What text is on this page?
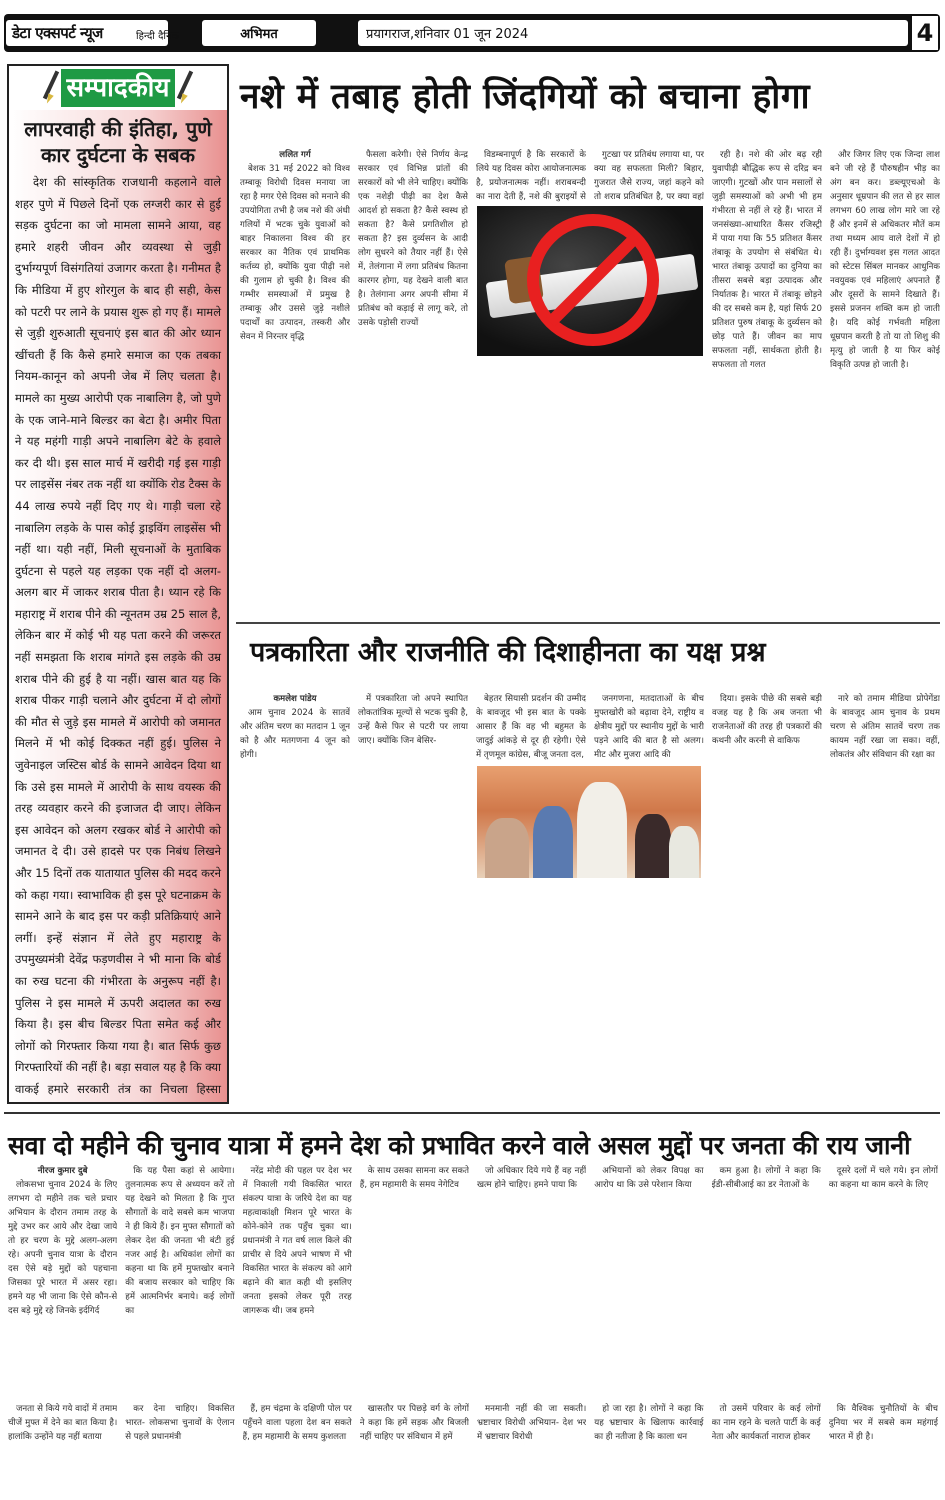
डेटा एक्सपर्ट न्यूज	हिन्दी दैनिक	अभिमत	प्रयागराज,शनिवार 01 जून 2024	4
सम्पादकीय
लापरवाही की इंतिहा, पुणे कार दुर्घटना के सबक
देश की सांस्कृतिक राजधानी कहलाने वाले शहर पुणे में पिछले दिनों एक लग्जरी कार से हुई सड़क दुर्घटना का जो मामला सामने आया, वह हमारे शहरी जीवन और व्यवस्था से जुड़ी दुर्भाग्यपूर्ण विसंगतियां उजागर करता है। गनीमत है कि मीडिया में हुए शोरगुल के बाद ही सही, केस को पटरी पर लाने के प्रयास शुरू हो गए हैं। मामले से जुड़ी शुरुआती सूचनाएं इस बात की ओर ध्यान खींचती हैं कि कैसे हमारे समाज का एक तबका नियम-कानून को अपनी जेब में लिए चलता है। मामले का मुख्य आरोपी एक नाबालिग है, जो पुणे के एक जाने-माने बिल्डर का बेटा है। अमीर पिता ने यह महंगी गाड़ी अपने नाबालिग बेटे के हवाले कर दी थी। इस साल मार्च में खरीदी गई इस गाड़ी पर लाइसेंस नंबर तक नहीं था क्योंकि रोड टैक्स के 44 लाख रुपये नहीं दिए गए थे। गाड़ी चला रहे नाबालिग लड़के के पास कोई ड्राइविंग लाइसेंस भी नहीं था। यही नहीं, मिली सूचनाओं के मुताबिक दुर्घटना से पहले यह लड़का एक नहीं दो अलग-अलग बार में जाकर शराब पीता है। ध्यान रहे कि महाराष्ट्र में शराब पीने की न्यूनतम उम्र 25 साल है, लेकिन बार में कोई भी यह पता करने की जरूरत नहीं समझता कि शराब मांगते इस लड़के की उम्र शराब पीने की हुई है या नहीं। खास बात यह कि शराब पीकर गाड़ी चलाने और दुर्घटना में दो लोगों की मौत से जुड़े इस मामले में आरोपी को जमानत मिलने में भी कोई दिक्कत नहीं हुई। पुलिस ने जुवेनाइल जस्टिस बोर्ड के सामने आवेदन दिया था कि उसे इस मामले में आरोपी के साथ वयस्क की तरह व्यवहार करने की इजाजत दी जाए। लेकिन इस आवेदन को अलग रखकर बोर्ड ने आरोपी को जमानत दे दी। उसे हादसे पर एक निबंध लिखने और 15 दिनों तक यातायात पुलिस की मदद करने को कहा गया। स्वाभाविक ही इस पूरे घटनाक्रम के सामने आने के बाद इस पर कड़ी प्रतिक्रियाएं आने लगीं। इन्हें संज्ञान में लेते हुए महाराष्ट्र के उपमुख्यमंत्री देवेंद्र फड़णवीस ने भी माना कि बोर्ड का रुख घटना की गंभीरता के अनुरूप नहीं है। पुलिस ने इस मामले में ऊपरी अदालत का रुख किया है। इस बीच बिल्डर पिता समेत कई और लोगों को गिरफ्तार किया गया है। बात सिर्फ कुछ गिरफ्तारियों की नहीं है। बड़ा सवाल यह है कि क्या वाकई हमारे सरकारी तंत्र का निचला हिस्सा
नशे में तबाह होती जिंदगियों को बचाना होगा

ललित गर्ग

बेशक 31 मई 2022 को विश्व तम्बाकू विरोधी दिवस मनाया जा रहा है मगर ऐसे दिवस को मनाने की उपयोगिता तभी है जब नशे की अंधी गलियों में भटक चुके युवाओं को बाहर निकालना विश्व की हर सरकार का नैतिक एवं प्राथमिक कर्तव्य हो, क्योंकि युवा पीढ़ी नशे की गुलाम हो चुकी है। विश्व की गम्भीर समस्याओं में प्रमुख है तम्बाकू और उससे जुड़े नशीले पदार्थों का उत्पादन, तस्करी और सेवन में निरन्तर वृद्धि

फैसला करेगी। ऐसे निर्णय केन्द्र सरकार एवं विभिन्न प्रांतों की सरकारों को भी लेने चाहिए। क्योंकि एक नशेड़ी पीढ़ी का देश कैसे आदर्श हो सकता है? कैसे स्वस्थ हो सकता है? कैसे प्रगतिशील हो सकता है? इस दुर्व्यसन के आदी लोग सुधरने को तैयार नहीं हैं। ऐसे में, तेलंगाना में लगा प्रतिबंध कितना कारगर होगा, यह देखने वाली बात है। तेलंगाना अगर अपनी सीमा में प्रतिबंध को कड़ाई से लागू करे, तो उसके पड़ोसी राज्यों

विडम्बनापूर्ण है कि सरकारों के लिये यह दिवस कोरा आयोजनात्मक है, प्रयोजनात्मक नहीं। शराबबन्दी का नारा देती हैं, नशे की बुराइयों से

गुटखा पर प्रतिबंध लगाया था, पर क्या वह सफलता मिली? बिहार, गुजरात जैसे राज्य, जहां कहने को तो शराब प्रतिबंधित है, पर क्या वहां

रही है। नशे की ओर बढ़ रही युवापीढ़ी बौद्धिक रूप से दरिद्र बन जाएगी। गुटखों और पान मसालों से जुड़ी समस्याओं को अभी भी हम गंभीरता से नहीं ले रहे हैं। भारत में जनसंख्या-आधारित कैंसर रजिस्ट्री में पाया गया कि 55 प्रतिशत कैंसर तंबाकू के उपयोग से संबंधित थे। भारत तंबाकू उत्पादों का दुनिया का तीसरा सबसे बड़ा उत्पादक और निर्यातक है। भारत में तंबाकू छोड़ने की दर सबसे कम है, यहां सिर्फ 20 प्रतिशत पुरुष तंबाकू के दुर्व्यसन को छोड़ पाते हैं। जीवन का माप सफलता नहीं, सार्थकता होती है। सफलता तो गलत

और जिगर लिए एक जिन्दा लाश बने जी रहे हैं पौरुषहीन भीड़ का अंग बन कर। डब्ल्यूएचओ के अनुसार धूम्रपान की लत से हर साल लगभग 60 लाख लोग मारे जा रहे हैं और इनमें से अधिकतर मौतें कम तथा मध्यम आय वाले देशों में हो रही हैं। दुर्भाग्यवश इस गलत आदत को स्टेटस सिंबल मानकर आधुनिक नवयुवक एवं महिलाएं अपनाते हैं और दूसरों के सामने दिखाते हैं। इससे प्रजनन शक्ति कम हो जाती है। यदि कोई गर्भवती महिला धूम्रपान करती है तो या तो शिशु की मृत्यु हो जाती है या फिर कोई विकृति उत्पन्न हो जाती है।

पत्रकारिता और राजनीति की दिशाहीनता का यक्ष प्रश्न

कमलेश पांडेय

आम चुनाव 2024 के सातवें और अंतिम चरण का मतदान 1 जून को है और मतगणना 4 जून को होगी।

में पत्रकारिता जो अपने स्थापित लोकतांत्रिक मूल्यों से भटक चुकी है, उन्हें कैसे फिर से पटरी पर लाया जाए। क्योंकि जिन बेसिर-

बेहतर सियासी प्रदर्शन की उम्मीद के बावजूद भी इस बात के पक्के आसार हैं कि वह भी बहुमत के जादुई आंकड़े से दूर ही रहेगी। ऐसे में तृणमूल कांग्रेस, बीजू जनता दल,

जनगणना, मतदाताओं के बीच मुफ्तखोरी को बढ़ावा देने, राष्ट्रीय व क्षेत्रीय मुद्दों पर स्थानीय मुद्दों के भारी पड़ने आदि की बात है सो अलग। मीट और मुजरा आदि की

दिया। इसके पीछे की सबसे बड़ी वजह यह है कि अब जनता भी राजनेताओं की तरह ही पत्रकारों की कथनी और करनी से वाकिफ

नारे को तमाम मीडिया प्रोपेगेंडा के बावजूद आम चुनाव के प्रथम चरण से अंतिम सातवें चरण तक कायम नहीं रखा जा सका। वहीं, लोकतंत्र और संविधान की रक्षा का

सवा दो महीने की चुनाव यात्रा में हमने देश को प्रभावित करने वाले असल मुद्दों पर जनता की राय जानी

नीरज कुमार दुबे

लोकसभा चुनाव 2024 के लिए लगभग दो महीने तक चले प्रचार अभियान के दौरान तमाम तरह के मुद्दे उभर कर आये और देखा जाये तो हर चरण के मुद्दे अलग-अलग रहे। अपनी चुनाव यात्रा के दौरान दस ऐसे बड़े मुद्दों को पहचाना जिसका पूरे भारत में असर रहा। हमने यह भी जाना कि ऐसे कौन-से दस बड़े मुद्दे रहे जिनके इर्दगिर्द

जनता से किये गये वादों में तमाम चीजें मुफ्त में देने का बात किया है। हालांकि उन्होंने यह नहीं बताया

कि यह पैसा कहां से आयेगा। तुलनात्मक रूप से अध्ययन करें तो यह देखने को मिलता है कि गुप्त सौगातों के वादे सबसे कम भाजपा ने ही किये हैं। इन मुफ्त सौगातों को लेकर देश की जनता भी बंटी हुई नजर आई है। अधिकांश लोगों का कहना था कि हमें मुफ्तखोर बनाने की बजाय सरकार को चाहिए कि हमें आत्मनिर्भर बनाये। कई लोगों का

कर देना चाहिए। विकसित भारत- लोकसभा चुनावों के ऐलान से पहले प्रधानमंत्री

नरेंद्र मोदी की पहल पर देश भर में निकाली गयी विकसित भारत संकल्प यात्रा के जरिये देश का यह महत्वाकांक्षी मिशन पूरे भारत के कोने-कोने तक पहुँच चुका था। प्रधानमंत्री ने गत वर्ष लाल किले की प्राचीर से दिये अपने भाषण में भी विकसित भारत के संकल्प को आगे बढ़ाने की बात कही थी इसलिए जनता इसको लेकर पूरी तरह जागरूक थी। जब हमने

हैं, हम चंद्रमा के दक्षिणी पोल पर पहुँचने वाला पहला देश बन सकते हैं, हम महामारी के समय कुशलता

के साथ उसका सामना कर सकते हैं, हम महामारी के समय नेगेटिव

खासतौर पर पिछड़े वर्ग के लोगों ने कहा कि हमें सड़क और बिजली नहीं चाहिए पर संविधान में हमें

जो अधिकार दिये गये हैं वह नहीं खत्म होने चाहिए। हमने पाया कि

मनमानी नहीं की जा सकती। भ्रष्टाचार विरोधी अभियान- देश भर में भ्रष्टाचार विरोधी

अभियानों को लेकर विपक्ष का आरोप था कि उसे परेशान किया

हो जा रहा है। लोगों ने कहा कि यह भ्रष्टाचार के खिलाफ कार्रवाई का ही नतीजा है कि काला धन

कम हुआ है। लोगों ने कहा कि ईडी-सीबीआई का डर नेताओं के

तो उसमें परिवार के कई लोगों का नाम रहने के चलते पार्टी के कई नेता और कार्यकर्ता नाराज होकर

दूसरे दलों में चले गये। इन लोगों का कहना था काम करने के लिए

कि वैश्विक चुनौतियों के बीच दुनिया भर में सबसे कम महंगाई भारत में ही है।
